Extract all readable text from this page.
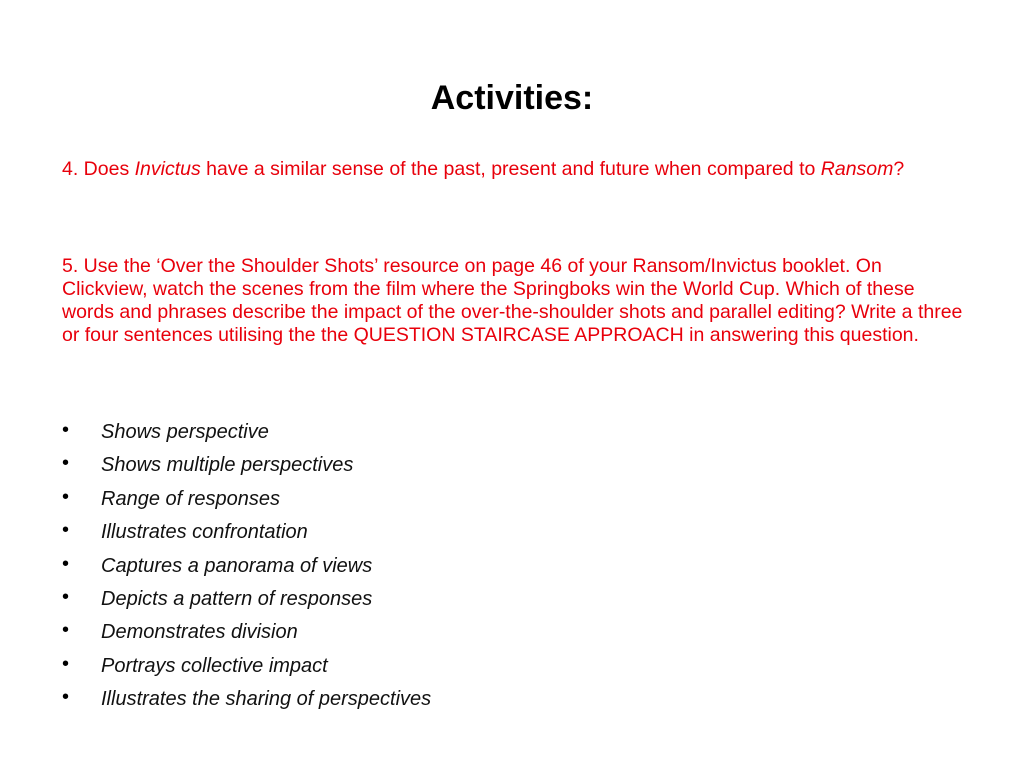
Activities:
4. Does Invictus have a similar sense of the past, present and future when compared to Ransom?
5. Use the ‘Over the Shoulder Shots’ resource on page 46 of your Ransom/Invictus booklet. On Clickview, watch the scenes from the film where the Springboks win the World Cup. Which of these words and phrases describe the impact of the over-the-shoulder shots and parallel editing? Write a three or four sentences utilising the the QUESTION STAIRCASE APPROACH in answering this question.
•	Shows perspective
•	Shows multiple perspectives
•	Range of responses
•	Illustrates confrontation
•	Captures a panorama of views
•	Depicts a pattern of responses
•	Demonstrates division
•	Portrays collective impact
•	Illustrates the sharing of perspectives
